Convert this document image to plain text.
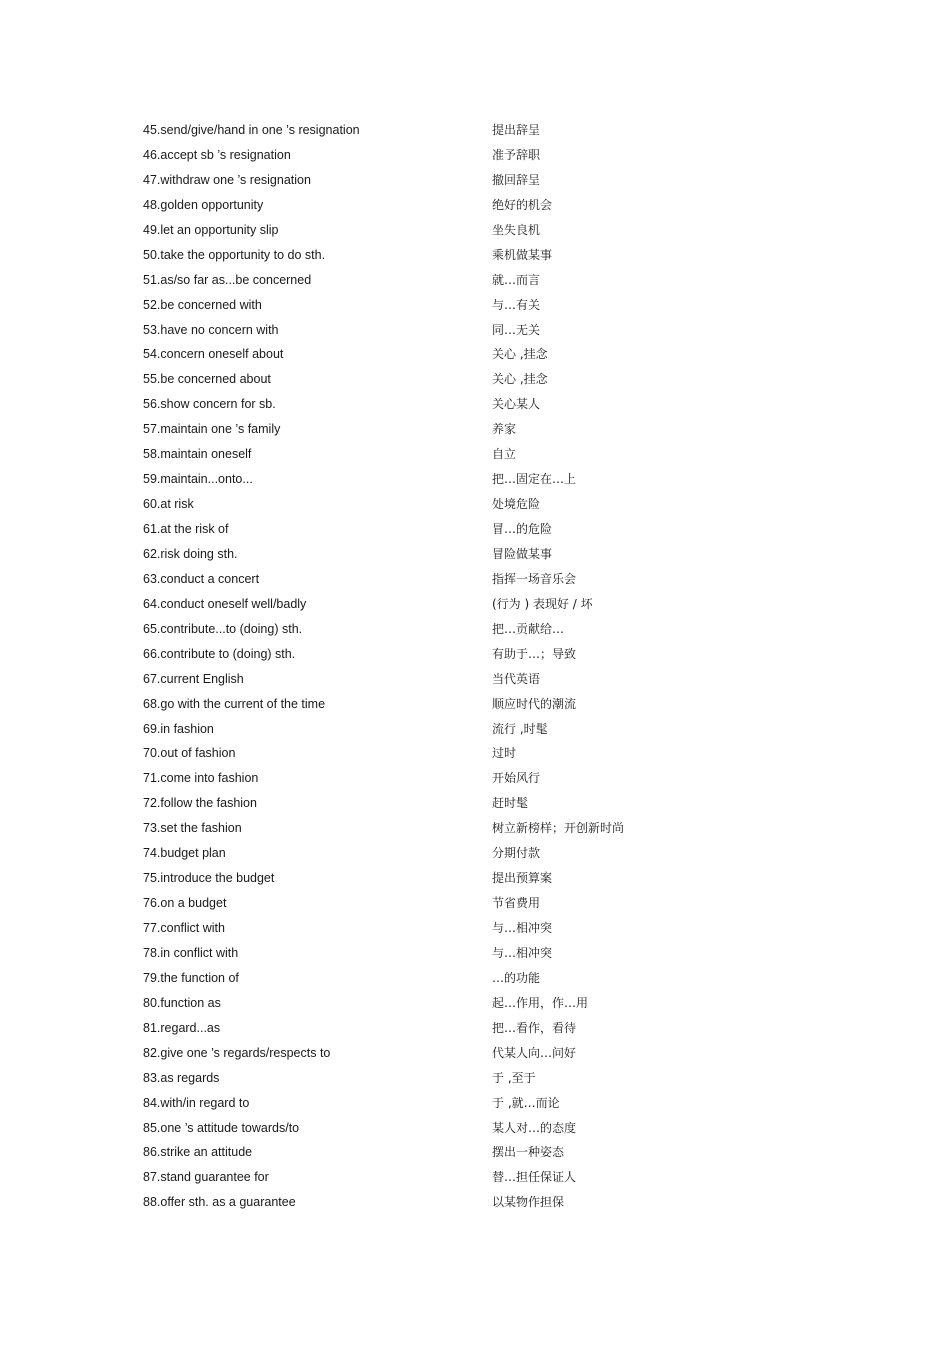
45.send/give/hand in one ’s resignation	提出辞呈
46.accept sb ’s resignation	准予辞职
47.withdraw one ’s resignation	撤回辞呈
48.golden opportunity	绝好的机会
49.let an opportunity slip	坐失良机
50.take the opportunity to do sth.	乘机做某事
51.as/so far as...be concerned	就…而言
52.be concerned with	与…有关
53.have no concern with	同…无关
54.concern oneself about	关心 ,挂念
55.be concerned about	关心 ,挂念
56.show concern for sb.	关心某人
57.maintain one ’s family	养家
58.maintain oneself	自立
59.maintain...onto...	把…固定在…上
60.at risk	处境危险
61.at the risk of	冒…的危险
62.risk doing sth.	冒险做某事
63.conduct a concert	指挥一场音乐会
64.conduct oneself well/badly	(行为 ) 表现好 / 坏
65.contribute...to (doing) sth.	把…贡献给…
66.contribute to (doing) sth.	有助于…；导致
67.current English	当代英语
68.go with the current of the time	顺应时代的潮流
69.in fashion	流行 ,时髦
70.out of fashion	过时
71.come into fashion	开始风行
72.follow the fashion	赶时髦
73.set the fashion	树立新榜样；开创新时尚
74.budget plan	分期付款
75.introduce the budget	提出预算案
76.on a budget	节省费用
77.conflict with	与…相冲突
78.in conflict with	与…相冲突
79.the function of	…的功能
80.function as	起…作用，作…用
81.regard...as	把…看作，看待
82.give one ’s regards/respects to	代某人向…问好
83.as regards	于 ,至于
84.with/in regard to	于 ,就…而论
85.one ’s attitude towards/to	某人对…的态度
86.strike an attitude	摆出一种姿态
87.stand guarantee for	替…担任保证人
88.offer sth. as a guarantee	以某物作担保
